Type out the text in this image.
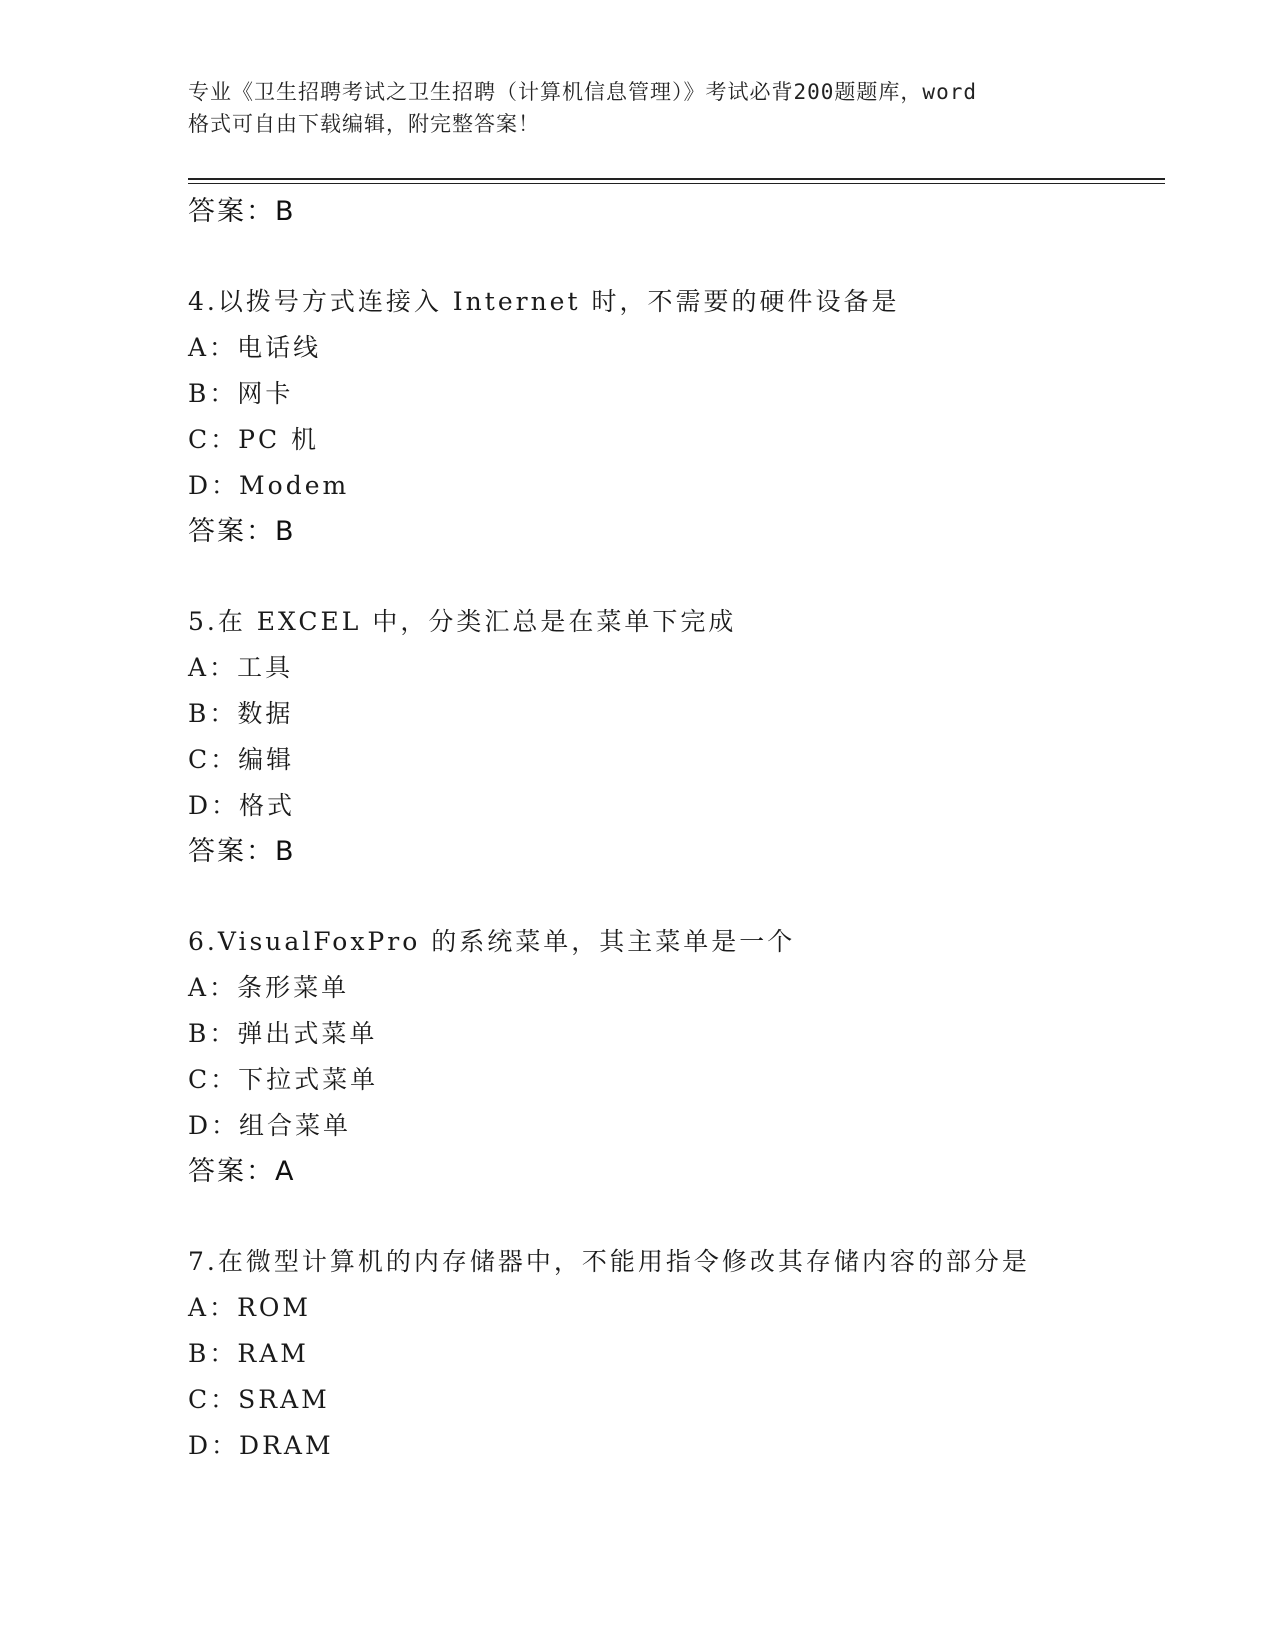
专业《卫生招聘考试之卫生招聘（计算机信息管理）》考试必背200题题库，word
格式可自由下载编辑，附完整答案！
答案：B
4.以拨号方式连接入 Internet 时，不需要的硬件设备是
A：电话线
B：网卡
C：PC 机
D：Modem
答案：B
5.在 EXCEL 中，分类汇总是在菜单下完成
A：工具
B：数据
C：编辑
D：格式
答案：B
6.VisualFoxPro 的系统菜单，其主菜单是一个
A：条形菜单
B：弹出式菜单
C：下拉式菜单
D：组合菜单
答案：A
7.在微型计算机的内存储器中，不能用指令修改其存储内容的部分是
A：ROM
B：RAM
C：SRAM
D：DRAM
